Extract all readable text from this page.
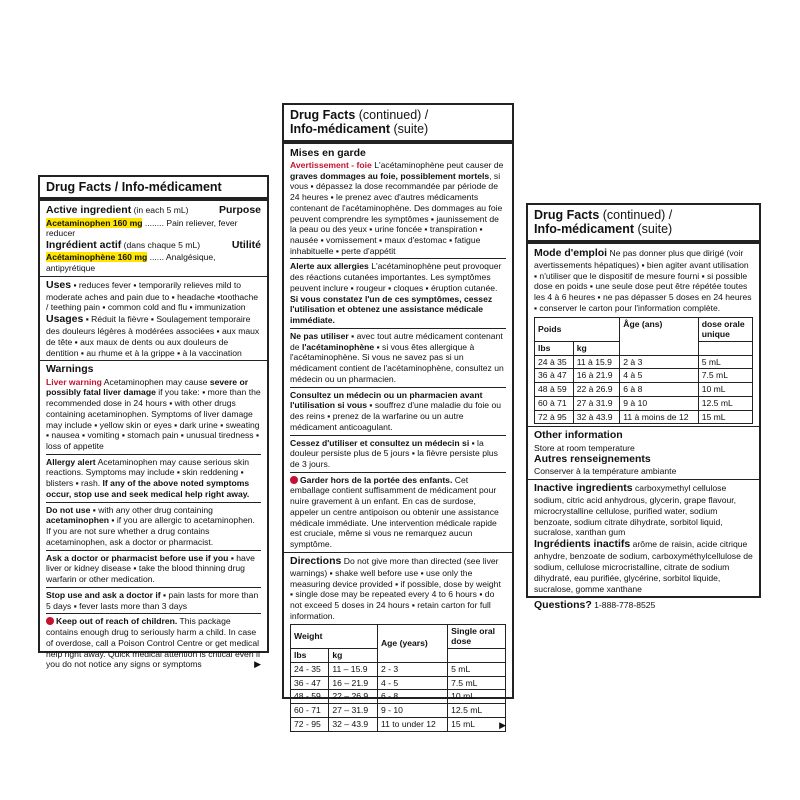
Drug Facts / Info-médicament
Active ingredient (in each 5 mL)	Purpose

Acetaminophen 160 mg ........ Pain reliever, fever reducer

Ingrédient actif (dans chaque 5 mL)	Utilité

Acétaminophène 160 mg ...... Analgésique, antipyrétique

Uses ▪ reduces fever ▪ temporarily relieves mild to moderate aches and pain due to ▪ headache ▪toothache / teething pain ▪ common cold and flu ▪ immunization

Usages ▪ Réduit la fièvre ▪ Soulagement temporaire des douleurs légères à modérées associées ▪ aux maux de tête ▪ aux maux de dents ou aux douleurs de dentition ▪ au rhume et à la grippe ▪ à la vaccination

Warnings

Liver warning Acetaminophen may cause severe or possibly fatal liver damage if you take: ▪ more than the recommended dose in 24 hours ▪ with other drugs containing acetaminophen. Symptoms of liver damage may include ▪ yellow skin or eyes ▪ dark urine ▪ sweating ▪ nausea ▪ vomiting ▪ stomach pain ▪ unusual tiredness ▪ loss of appetite

Allergy alert Acetaminophen may cause serious skin reactions. Symptoms may include ▪ skin reddening ▪ blisters ▪ rash. If any of the above noted symptoms occur, stop use and seek medical help right away.

Do not use ▪ with any other drug containing acetaminophen ▪ if you are allergic to acetaminophen. If you are not sure whether a drug contains acetaminophen, ask a doctor or pharmacist.

Ask a doctor or pharmacist before use if you ▪ have liver or kidney disease ▪ take the blood thinning drug warfarin or other medication.

Stop use and ask a doctor if ▪ pain lasts for more than 5 days ▪ fever lasts more than 3 days

Keep out of reach of children. This package contains enough drug to seriously harm a child. In case of overdose, call a Poison Control Centre or get medical help right away. Quick medical attention is critical even if you do not notice any signs or symptoms	▶

Drug Facts (continued) /
Info-médicament (suite)
Mises en garde

Avertissement - foie L'acétaminophène peut causer de graves dommages au foie, possiblement mortels, si vous ▪ dépassez la dose recommandée par période de 24 heures ▪ le prenez avec d'autres médicaments contenant de l'acétaminophène. Des dommages au foie peuvent comprendre les symptômes ▪ jaunissement de la peau ou des yeux ▪ urine foncée ▪ transpiration ▪ nausée ▪ vomissement ▪ maux d'estomac ▪ fatigue inhabituelle ▪ perte d'appétit

Alerte aux allergies L'acétaminophène peut provoquer des réactions cutanées importantes. Les symptômes peuvent inclure ▪ rougeur ▪ cloques ▪ éruption cutanée. Si vous constatez l'un de ces symptômes, cessez l'utilisation et obtenez une assistance médicale immédiate.

Ne pas utiliser ▪ avec tout autre médicament contenant de l'acétaminophène ▪ si vous êtes allergique à l'acétaminophène. Si vous ne savez pas si un médicament contient de l'acétaminophène, consultez un médecin ou un pharmacien.

Consultez un médecin ou un pharmacien avant l'utilisation si vous ▪ souffrez d'une maladie du foie ou des reins ▪ prenez de la warfarine ou un autre médicament anticoagulant.

Cessez d'utiliser et consultez un médecin si ▪ la douleur persiste plus de 5 jours ▪ la fièvre persiste plus de 3 jours.

Garder hors de la portée des enfants. Cet emballage contient suffisamment de médicament pour nuire gravement à un enfant. En cas de surdose, appeler un centre antipoison ou obtenir une assistance médicale immédiate. Une intervention médicale rapide est cruciale, même si vous ne remarquez aucun symptôme.

Directions Do not give more than directed (see liver warnings) ▪ shake well before use ▪ use only the measuring device provided ▪ if possible, dose by weight ▪ single dose may be repeated every 4 to 6 hours ▪ do not exceed 5 doses in 24 hours ▪ retain carton for full information.

Weight		Age (years)	Single oral
dose
lbs	kg		
24 - 35	11 – 15.9	2 - 3	5 mL
36 - 47	16 – 21.9	4 - 5	7.5 mL
48 - 59	22 – 26.9	6 - 8	10 mL
60 - 71	27 – 31.9	9 - 10	12.5 mL
72 - 95	32 – 43.9	11 to under 12	15 mL	▶
Drug Facts (continued) /
Info-médicament (suite)

Mode d'emploi Ne pas donner plus que dirigé (voir avertissements hépatiques) ▪ bien agiter avant utilisation ▪ n'utiliser que le dispositif de mesure fourni ▪ si possible dose en poids ▪ une seule dose peut être répétée toutes les 4 à 6 heures ▪ ne pas dépasser 5 doses en 24 heures ▪ conserver le carton pour l'information complète.

Poids		Âge (ans)	dose orale
unique
lbs	kg		
24 à 35	11 à 15.9	2 à 3	5 mL
36 à 47	16 à 21.9	4 à 5	7.5 mL
48 à 59	22 à 26.9	6 à 8	10 mL
60 à 71	27 à 31.9	9 à 10	12.5 mL
72 à 95	32 à 43.9	11 à moins de 12	15 mL
Other information

Store at room temperature

Autres renseignements

Conserver à la température ambiante

Inactive ingredients carboxymethyl cellulose sodium, citric acid anhydrous, glycerin, grape flavour, microcrystalline cellulose, purified water, sodium benzoate, sodium citrate dihydrate, sorbitol liquid, sucralose, xanthan gum

Ingrédients inactifs arôme de raisin, acide citrique anhydre, benzoate de sodium, carboxyméthylcellulose de sodium, cellulose microcristalline, citrate de sodium dihydraté, eau purifiée, glycérine, sorbitol liquide, sucralose, gomme xanthane

Questions? 1-888-778-8525
